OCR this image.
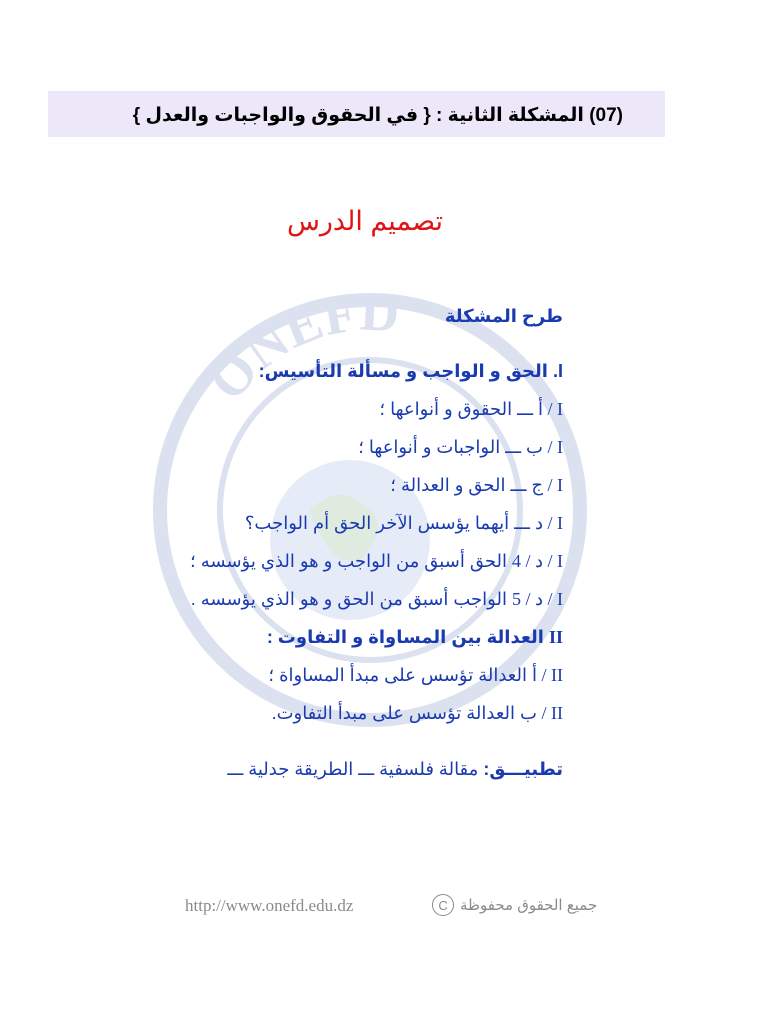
ONEFD
(07) المشكلة الثانية : { في الحقوق والواجبات والعدل }
تصميم الدرس
طرح المشكلة
I. الحق و الواجب و مسألة التأسيس:
I / أ ـــ الحقوق و أنواعها ؛
I / ب ـــ الواجبات و أنواعها ؛
I / ج ـــ الحق و العدالة ؛
I / د ـــ أيهما يؤسس الآخر الحق أم الواجب؟
I / د / 4 الحق أسبق من الواجب و هو الذي يؤسسه ؛
I / د / 5 الواجب أسبق من الحق و هو الذي يؤسسه .
II العدالة بين المساواة و التفاوت :
II / أ العدالة تؤسس على مبدأ المساواة ؛
II / ب العدالة تؤسس على مبدأ التفاوت.
تطبيـــق: مقالة فلسفية ـــ الطريقة جدلية ـــ
http://www.onefd.edu.dz	جميع الحقوق محفوظة
C
